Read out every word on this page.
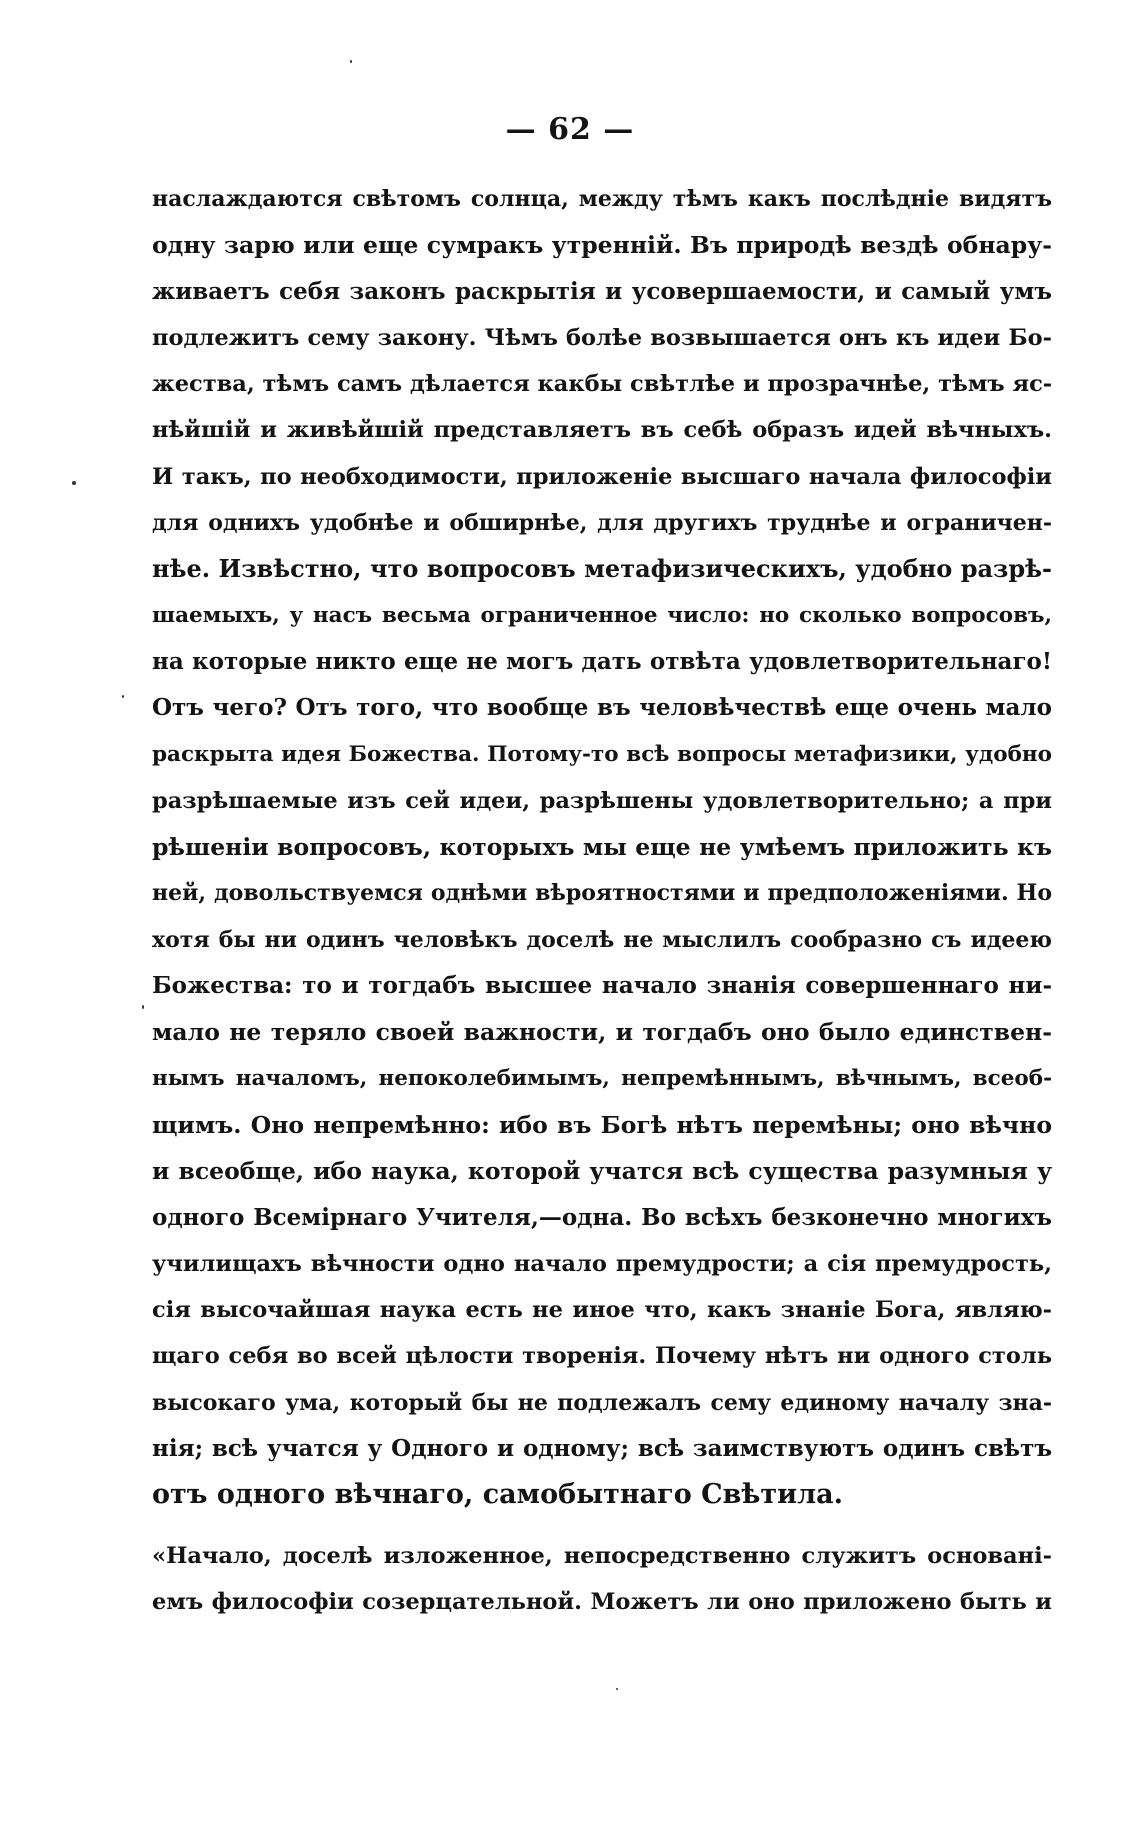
— 62 —
наслаждаются свѣтомъ солнца, между тѣмъ какъ послѣдніе видятъ
одну зарю или еще сумракъ утренній. Въ природѣ вездѣ обнару-
живаетъ себя законъ раскрытія и усовершаемости, и самый умъ
подлежитъ сему закону. Чѣмъ болѣе возвышается онъ къ идеи Бо-
жества, тѣмъ самъ дѣлается какбы свѣтлѣе и прозрачнѣе, тѣмъ яс-
нѣйшій и живѣйшій представляетъ въ себѣ образъ идей вѣчныхъ.
И такъ, по необходимости, приложеніе высшаго начала философіи
для однихъ удобнѣе и обширнѣе, для другихъ труднѣе и ограничен-
нѣе. Извѣстно, что вопросовъ метафизическихъ, удобно разрѣ-
шаемыхъ, у насъ весьма ограниченное число: но сколько вопросовъ,
на которые никто еще не могъ дать отвѣта удовлетворительнаго!
Отъ чего? Отъ того, что вообще въ человѣчествѣ еще очень мало
раскрыта идея Божества. Потому-то всѣ вопросы метафизики, удобно
разрѣшаемые изъ сей идеи, разрѣшены удовлетворительно; а при
рѣшеніи вопросовъ, которыхъ мы еще не умѣемъ приложить къ
ней, довольствуемся однѣми вѣроятностями и предположеніями. Но
хотя бы ни одинъ человѣкъ доселѣ не мыслилъ сообразно съ идеею
Божества: то и тогдабъ высшее начало знанія совершеннаго ни-
мало не теряло своей важности, и тогдабъ оно было единствен-
нымъ началомъ, непоколебимымъ, непремѣннымъ, вѣчнымъ, всеоб-
щимъ. Оно непремѣнно: ибо въ Богѣ нѣтъ перемѣны; оно вѣчно
и всеобще, ибо наука, которой учатся всѣ существа разумныя у
одного Всемірнаго Учителя,—одна. Во всѣхъ безконечно многихъ
училищахъ вѣчности одно начало премудрости; а сія премудрость,
сія высочайшая наука есть не иное что, какъ знаніе Бога, являю-
щаго себя во всей цѣлости творенія. Почему нѣтъ ни одного столь
высокаго ума, который бы не подлежалъ сему единому началу зна-
нія; всѣ учатся у Одного и одному; всѣ заимствуютъ одинъ свѣтъ
отъ одного вѣчнаго, самобытнаго Свѣтила.
«Начало, доселѣ изложенное, непосредственно служитъ основані-
емъ философіи созерцательной. Можетъ ли оно приложено быть и
